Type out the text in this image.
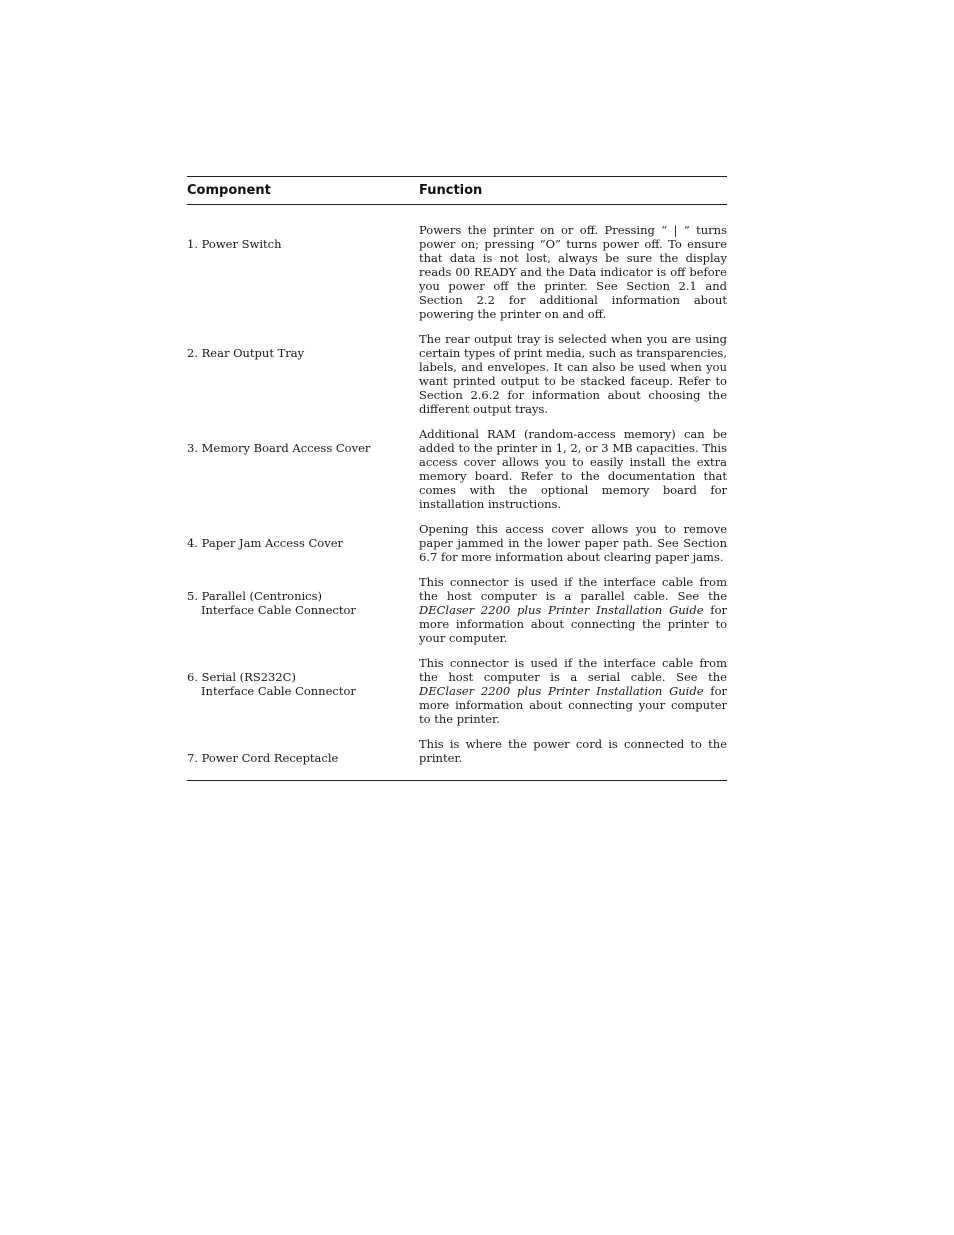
Component	Function

1. Power Switch

Powers the printer on or off. Pressing “ | ” turns power on; pressing “O” turns power off. To ensure that data is not lost, always be sure the display reads 00 READY and the Data indicator is off before you power off the printer. See Section 2.1 and Section 2.2 for additional information about powering the printer on and off.

2. Rear Output Tray

The rear output tray is selected when you are using certain types of print media, such as transparencies, labels, and envelopes. It can also be used when you want printed output to be stacked faceup. Refer to Section 2.6.2 for information about choosing the different output trays.

3. Memory Board Access Cover

Additional RAM (random-access memory) can be added to the printer in 1, 2, or 3 MB capacities. This access cover allows you to easily install the extra memory board. Refer to the documentation that comes with the optional memory board for installation instructions.

4. Paper Jam Access Cover

Opening this access cover allows you to remove paper jammed in the lower paper path. See Section 6.7 for more information about clearing paper jams.

5. Parallel (Centronics)

Interface Cable Connector

This connector is used if the interface cable from the host computer is a parallel cable. See the DEClaser 2200 plus Printer Installation Guide for more information about connecting the printer to your computer.

6. Serial (RS232C)

Interface Cable Connector

This connector is used if the interface cable from the host computer is a serial cable. See the DEClaser 2200 plus Printer Installation Guide for more information about connecting your computer to the printer.

7. Power Cord Receptacle

This is where the power cord is connected to the printer.
